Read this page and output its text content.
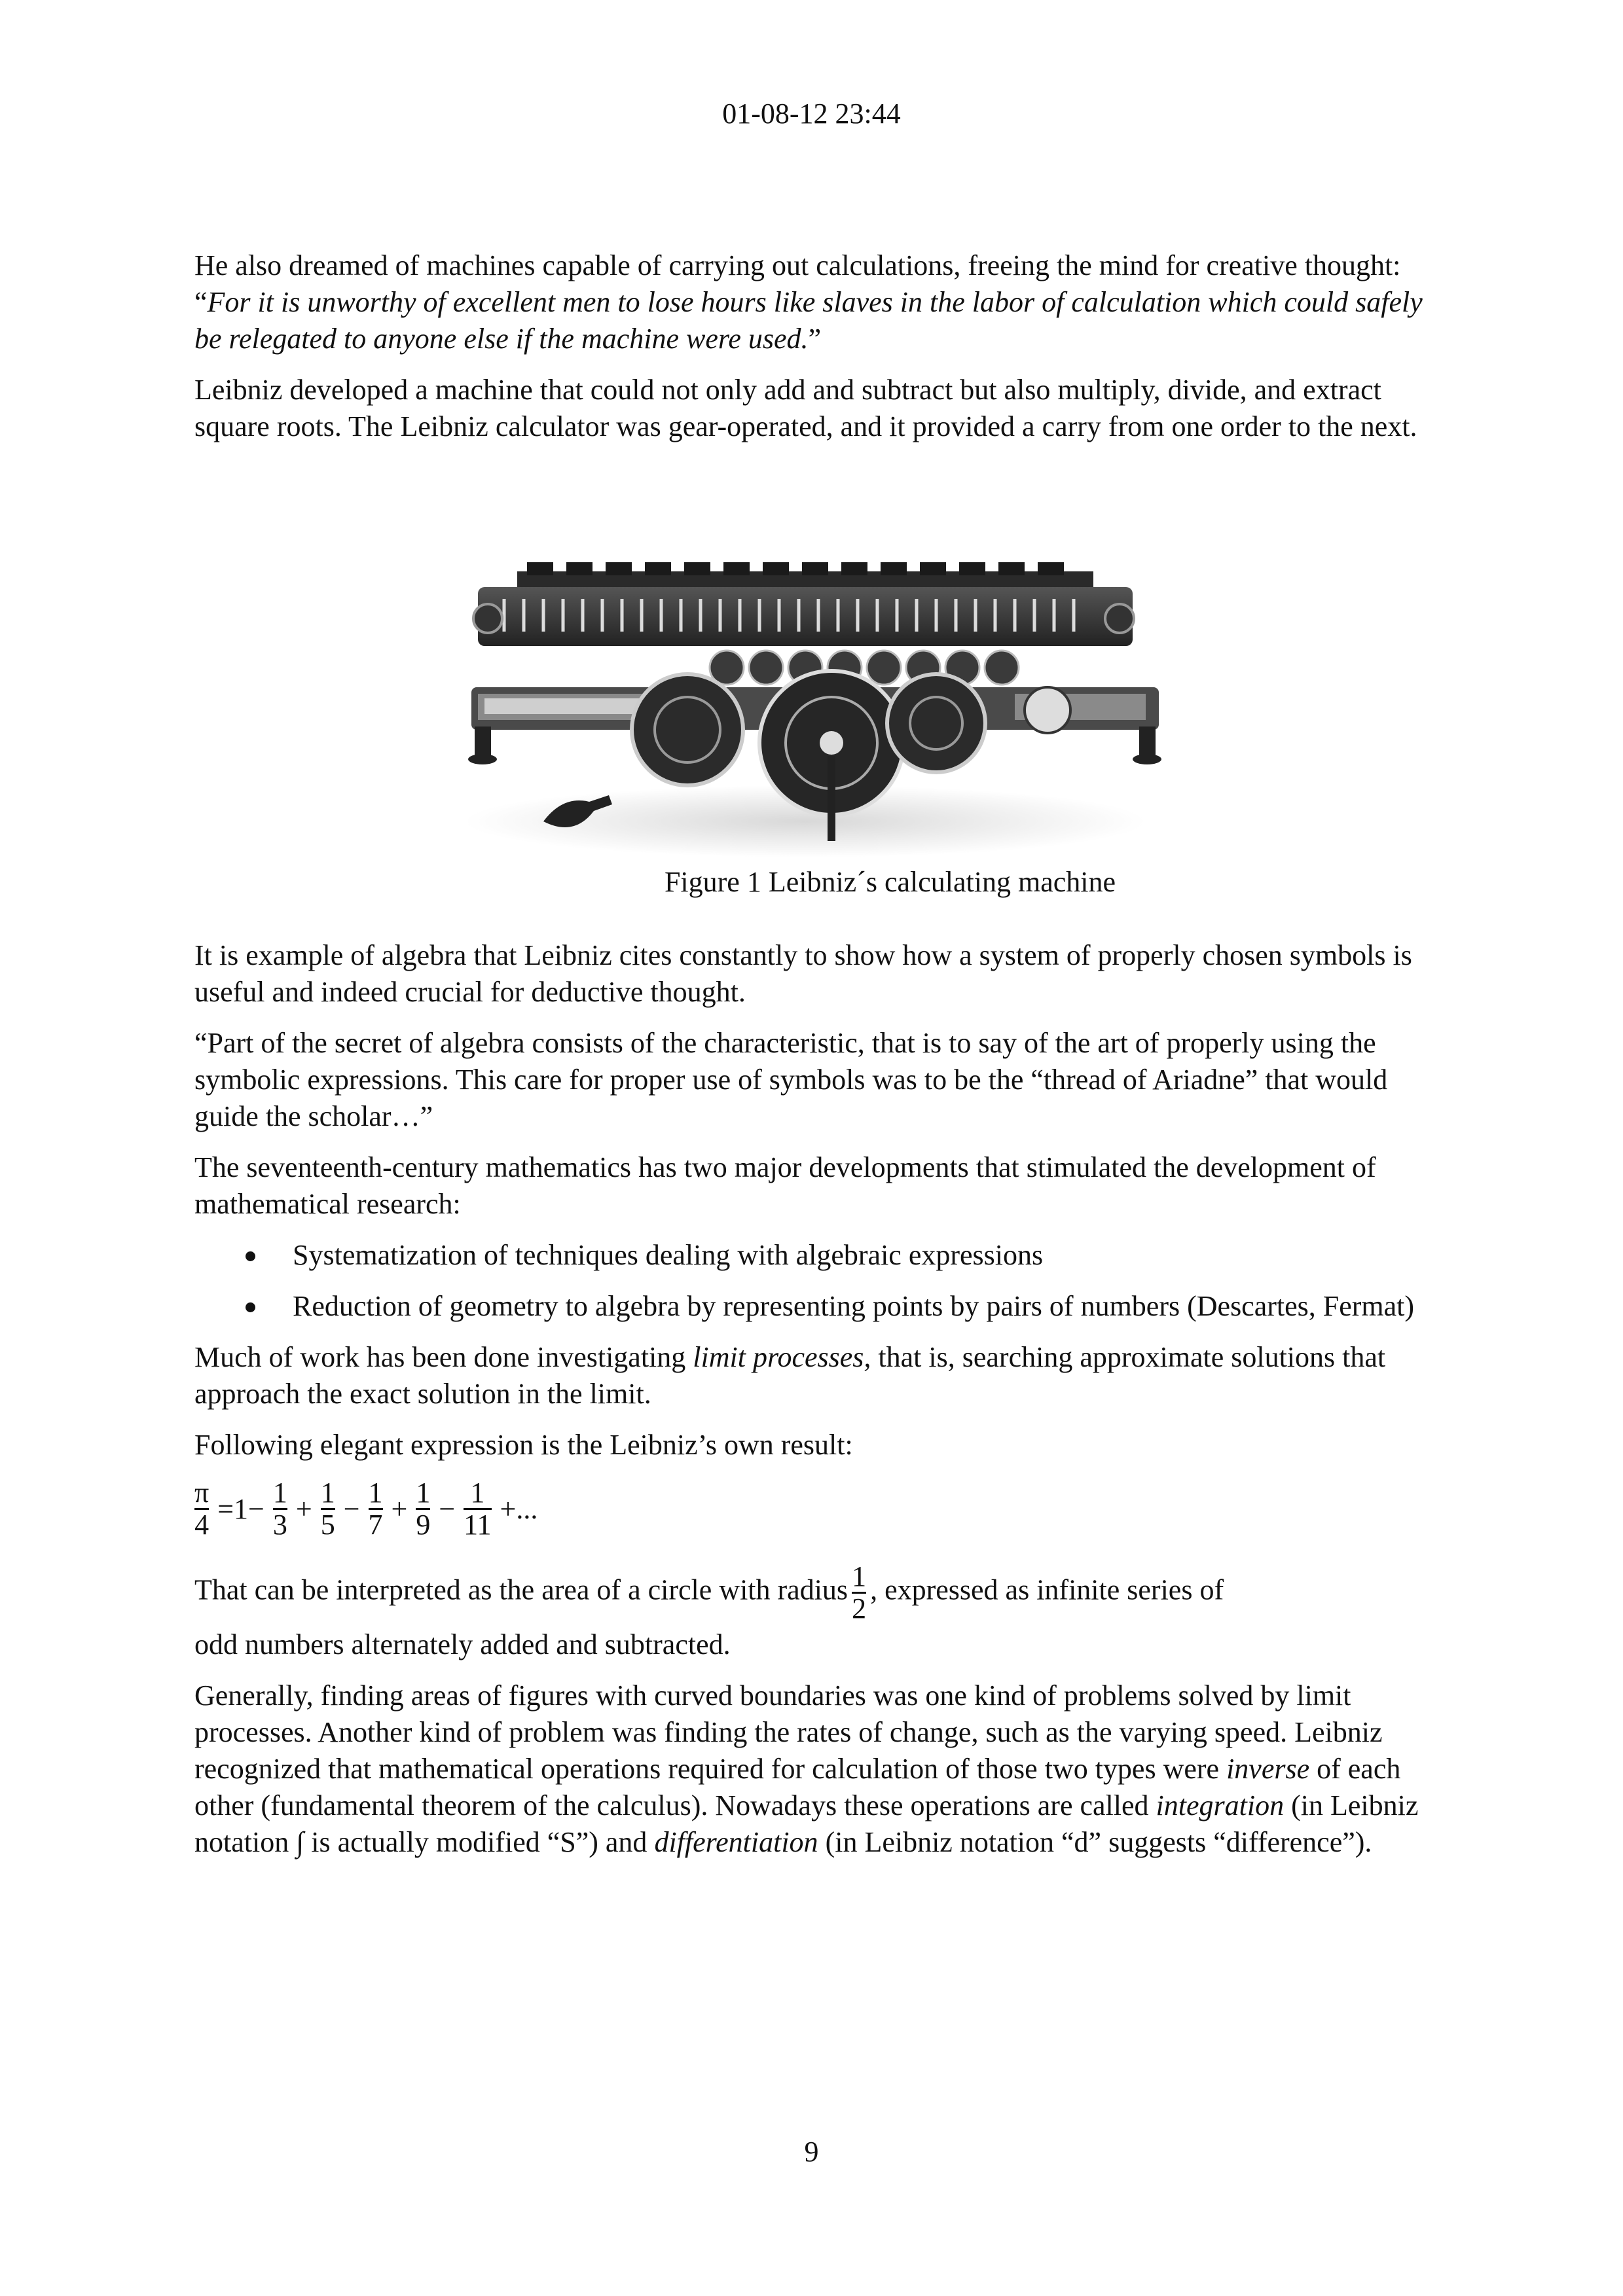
01-08-12 23:44

He also dreamed of machines capable of carrying out calculations, freeing the mind for creative thought: “For it is unworthy of excellent men to lose hours like slaves in the labor of calculation which could safely be relegated to anyone else if the machine were used.”

Leibniz developed a machine that could not only add and subtract but also multiply, divide, and extract square roots. The Leibniz calculator was gear-operated, and it provided a carry from one order to the next.

Figure 1 Leibniz´s calculating machine

It is example of algebra that Leibniz cites constantly to show how a system of properly chosen symbols is useful and indeed crucial for deductive thought.

“Part of the secret of algebra consists of the characteristic, that is to say of the art of properly using the symbolic expressions. This care for proper use of symbols was to be the “thread of Ariadne” that would guide the scholar…”

The seventeenth-century mathematics has two major developments that stimulated the development of mathematical research:

Systematization of techniques dealing with algebraic expressions
Reduction of geometry to algebra by representing points by pairs of numbers (Descartes, Fermat)

Much of work has been done investigating limit processes, that is, searching approximate solutions that approach the exact solution in the limit.

Following elegant expression is the Leibniz’s own result:

$\frac{\pi}{4} =1- \frac{1}{3} + \frac{1}{5} - \frac{1}{7} + \frac{1}{9} - \frac{1}{11}$ +...

That can be interpreted as the area of a circle with radius $\frac{1}{2}$ , expressed as infinite series of

odd numbers alternately added and subtracted.

Generally, finding areas of figures with curved boundaries was one kind of problems solved by limit processes. Another kind of problem was finding the rates of change, such as the varying speed. Leibniz recognized that mathematical operations required for calculation of those two types were inverse of each other (fundamental theorem of the calculus). Nowadays these operations are called integration (in Leibniz notation ∫ is actually modified “S”) and differentiation (in Leibniz notation “d” suggests “difference”).

9
